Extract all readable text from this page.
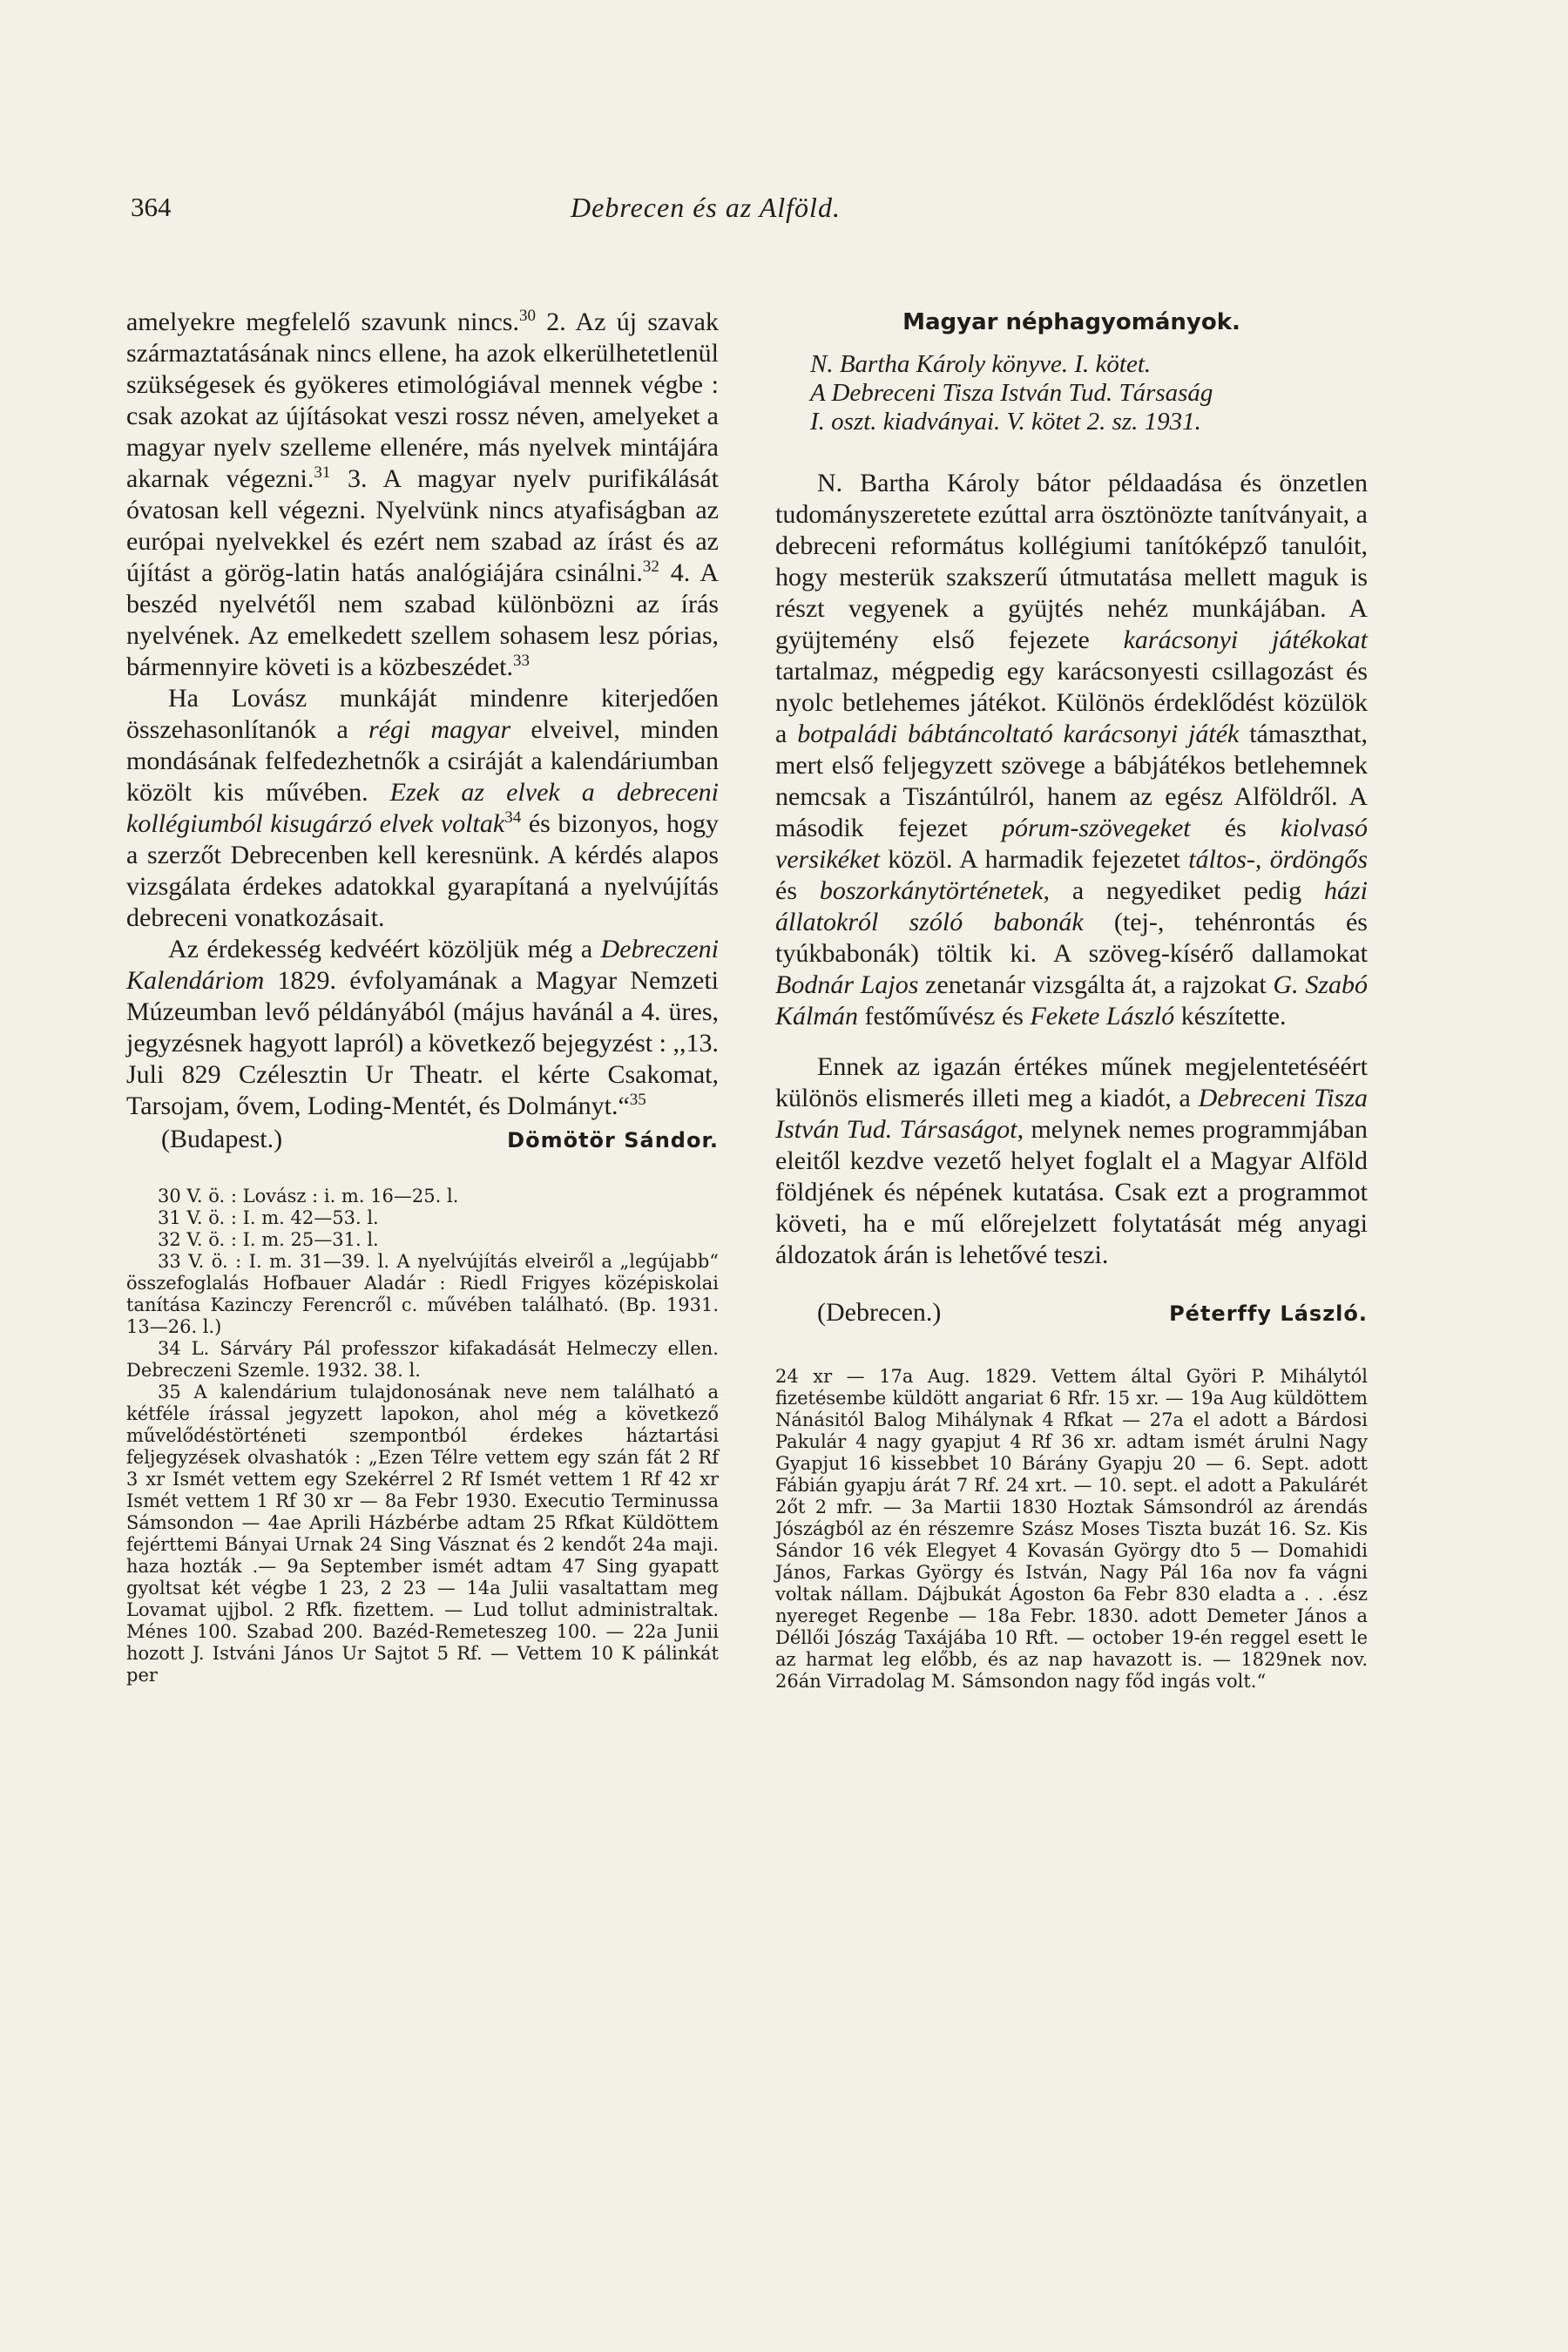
364	Debrecen és az Alföld.

amelyekre megfelelő szavunk nincs.$^{30}$ 2. Az új szavak származtatásának nincs ellene, ha azok elkerülhetetlenül szükségesek és gyökeres etimológiával mennek végbe : csak azokat az újításokat veszi rossz néven, amelyeket a magyar nyelv szelleme ellenére, más nyelvek mintájára akarnak végezni.$^{31}$ 3. A magyar nyelv purifikálását óvatosan kell végezni. Nyelvünk nincs atyafiságban az európai nyelvekkel és ezért nem szabad az írást és az újítást a görög-latin hatás analógiájára csinálni.$^{32}$ 4. A beszéd nyelvétől nem szabad különbözni az írás nyelvének. Az emelkedett szellem sohasem lesz pórias, bármennyire követi is a közbeszédet.$^{33}$

Ha Lovász munkáját mindenre kiterjedően összehasonlítanók a régi magyar elveivel, minden mondásának felfedezhetnők a csiráját a kalendáriumban közölt kis művében. Ezek az elvek a debreceni kollégiumból kisugárzó elvek voltak$^{34}$ és bizonyos, hogy a szerzőt Debrecenben kell keresnünk. A kérdés alapos vizsgálata érdekes adatokkal gyarapítaná a nyelvújítás debreceni vonatkozásait.

Az érdekesség kedvéért közöljük még a Debreczeni Kalendáriom 1829. évfolyamának a Magyar Nemzeti Múzeumban levő példányából (május havánál a 4. üres, jegyzésnek hagyott lapról) a következő bejegyzést : ,,13. Juli 829 Czélesztin Ur Theatr. el kérte Csakomat, Tarsojam, ővem, Loding-Mentét, és Dolmányt.“$^{35}$

(Budapest.)	Dömötör Sándor.

30 V. ö. : Lovász : i. m. 16—25. l.

31 V. ö. : I. m. 42—53. l.

32 V. ö. : I. m. 25—31. l.

33 V. ö. : I. m. 31—39. l. A nyelvújítás elveiről a „legújabb“ összefoglalás Hofbauer Aladár : Riedl Frigyes középiskolai tanítása Kazinczy Ferencről c. művében található. (Bp. 1931. 13—26. l.)

34 L. Sárváry Pál professzor kifakadását Helmeczy ellen. Debreczeni Szemle. 1932. 38. l.

35 A kalendárium tulajdonosának neve nem található a kétféle írással jegyzett lapokon, ahol még a következő művelődéstörténeti szempontból érdekes háztartási feljegyzések olvashatók : „Ezen Télre vettem egy szán fát 2 Rf 3 xr Ismét vettem egy Szekérrel 2 Rf Ismét vettem 1 Rf 42 xr Ismét vettem 1 Rf 30 xr — 8a Febr 1930. Executio Terminussa Sámsondon — 4ae Aprili Házbérbe adtam 25 Rfkat Küldöttem fejérttemi Bányai Urnak 24 Sing Vásznat és 2 kendőt 24a maji. haza hozták .— 9a September ismét adtam 47 Sing gyapatt gyoltsat két végbe 1 23, 2 23 — 14a Julii vasaltattam meg Lovamat ujjbol. 2 Rfk. fizettem. — Lud tollut administraltak. Ménes 100. Szabad 200. Bazéd-Remeteszeg 100. — 22a Junii hozott J. Istváni János Ur Sajtot 5 Rf. — Vettem 10 K pálinkát per

Magyar néphagyományok.
N. Bartha Károly könyve. I. kötet.
A Debreceni Tisza István Tud. Társaság
I. oszt. kiadványai. V. kötet 2. sz. 1931.

N. Bartha Károly bátor példaadása és önzetlen tudományszeretete ezúttal arra ösztönözte tanítványait, a debreceni református kollégiumi tanítóképző tanulóit, hogy mesterük szakszerű útmutatása mellett maguk is részt vegyenek a gyüjtés nehéz munkájában. A gyüjtemény első fejezete karácsonyi játékokat tartalmaz, mégpedig egy karácsonyesti csillagozást és nyolc betlehemes játékot. Különös érdeklődést közülök a botpaládi bábtáncoltató karácsonyi játék támaszthat, mert első feljegyzett szövege a bábjátékos betlehemnek nemcsak a Tiszántúlról, hanem az egész Alföldről. A második fejezet pórum-szövegeket és kiolvasó versikéket közöl. A harmadik fejezetet táltos-, ördöngős és boszorkánytörténetek, a negyediket pedig házi állatokról szóló babonák (tej-, tehénrontás és tyúkbabonák) töltik ki. A szöveg-kísérő dallamokat Bodnár Lajos zenetanár vizsgálta át, a rajzokat G. Szabó Kálmán festőművész és Fekete László készítette.

Ennek az igazán értékes műnek megjelentetéséért különös elismerés illeti meg a kiadót, a Debreceni Tisza István Tud. Társaságot, melynek nemes programmjában eleitől kezdve vezető helyet foglalt el a Magyar Alföld földjének és népének kutatása. Csak ezt a programmot követi, ha e mű előrejelzett folytatását még anyagi áldozatok árán is lehetővé teszi.

(Debrecen.)	Péterffy László.

24 xr — 17a Aug. 1829. Vettem által Györi P. Mihálytól fizetésembe küldött angariat 6 Rfr. 15 xr. — 19a Aug küldöttem Nánásitól Balog Mihálynak 4 Rfkat — 27a el adott a Bárdosi Pakulár 4 nagy gyapjut 4 Rf 36 xr. adtam ismét árulni Nagy Gyapjut 16 kissebbet 10 Bárány Gyapju 20 — 6. Sept. adott Fábián gyapju árát 7 Rf. 24 xrt. — 10. sept. el adott a Pakulárét 2őt 2 mfr. — 3a Martii 1830 Hoztak Sámsondról az árendás Jószágból az én részemre Szász Moses Tiszta buzát 16. Sz. Kis Sándor 16 vék Elegyet 4 Kovasán György dto 5 — Domahidi János, Farkas György és István, Nagy Pál 16a nov fa vágni voltak nállam. Dájbukát Ágoston 6a Febr 830 eladta a . . .ész nyereget Regenbe — 18a Febr. 1830. adott Demeter János a Déllői Jószág Taxájába 10 Rft. — october 19-én reggel esett le az harmat leg előbb, és az nap havazott is. — 1829nek nov. 26án Virradolag M. Sámsondon nagy főd ingás volt.“
